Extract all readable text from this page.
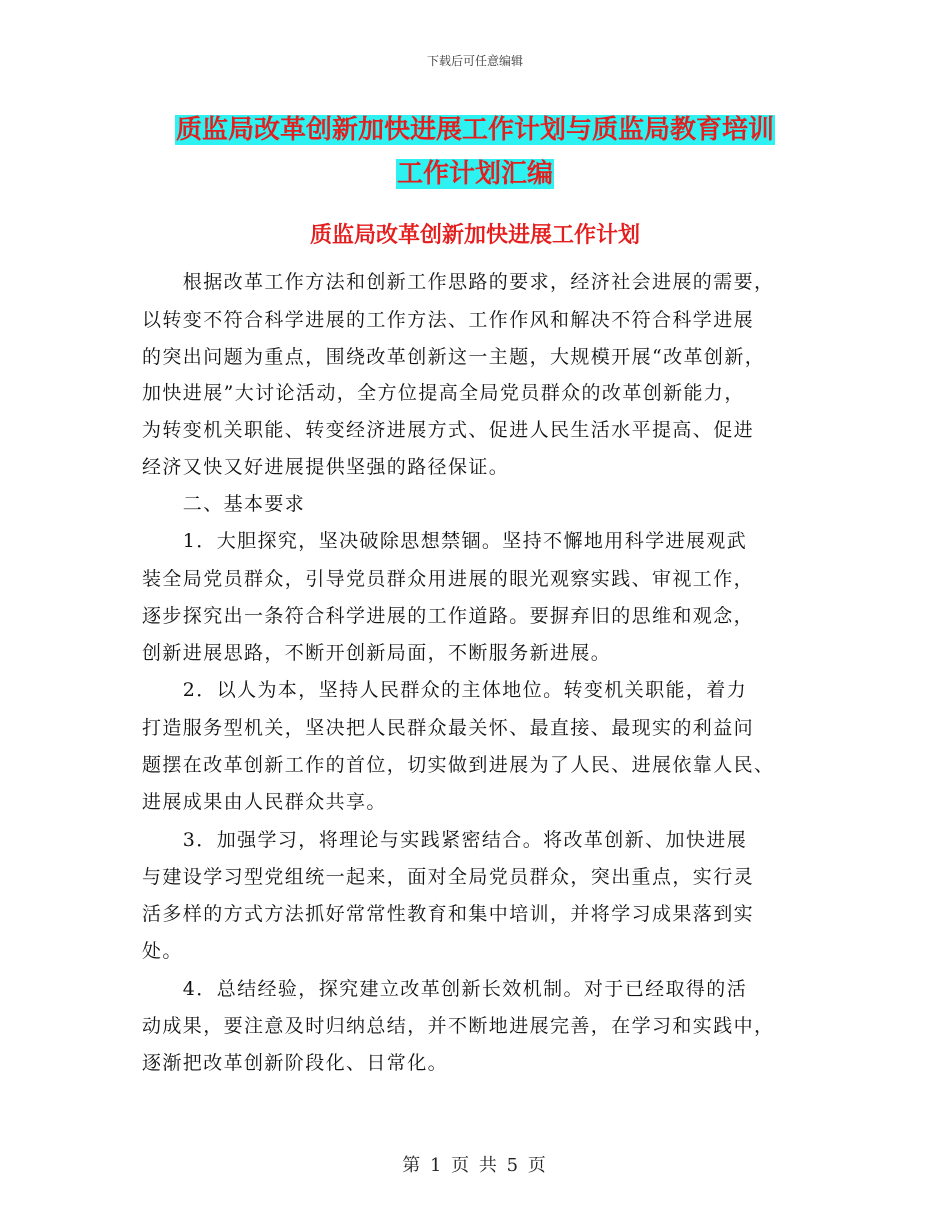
下载后可任意编辑
质监局改革创新加快进展工作计划与质监局教育培训
工作计划汇编
质监局改革创新加快进展工作计划
　　根据改革工作方法和创新工作思路的要求，经济社会进展的需要，
以转变不符合科学进展的工作方法、工作作风和解决不符合科学进展
的突出问题为重点，围绕改革创新这一主题，大规模开展“改革创新，
加快进展”大讨论活动，全方位提高全局党员群众的改革创新能力，
为转变机关职能、转变经济进展方式、促进人民生活水平提高、促进
经济又快又好进展提供坚强的路径保证。
　　二、基本要求
　　1．大胆探究，坚决破除思想禁锢。坚持不懈地用科学进展观武
装全局党员群众，引导党员群众用进展的眼光观察实践、审视工作，
逐步探究出一条符合科学进展的工作道路。要摒弃旧的思维和观念，
创新进展思路，不断开创新局面，不断服务新进展。
　　2．以人为本，坚持人民群众的主体地位。转变机关职能，着力
打造服务型机关，坚决把人民群众最关怀、最直接、最现实的利益问
题摆在改革创新工作的首位，切实做到进展为了人民、进展依靠人民、
进展成果由人民群众共享。
　　3．加强学习，将理论与实践紧密结合。将改革创新、加快进展
与建设学习型党组统一起来，面对全局党员群众，突出重点，实行灵
活多样的方式方法抓好常常性教育和集中培训，并将学习成果落到实
处。
　　4．总结经验，探究建立改革创新长效机制。对于已经取得的活
动成果，要注意及时归纳总结，并不断地进展完善，在学习和实践中，
逐渐把改革创新阶段化、日常化。
第 1 页 共 5 页
